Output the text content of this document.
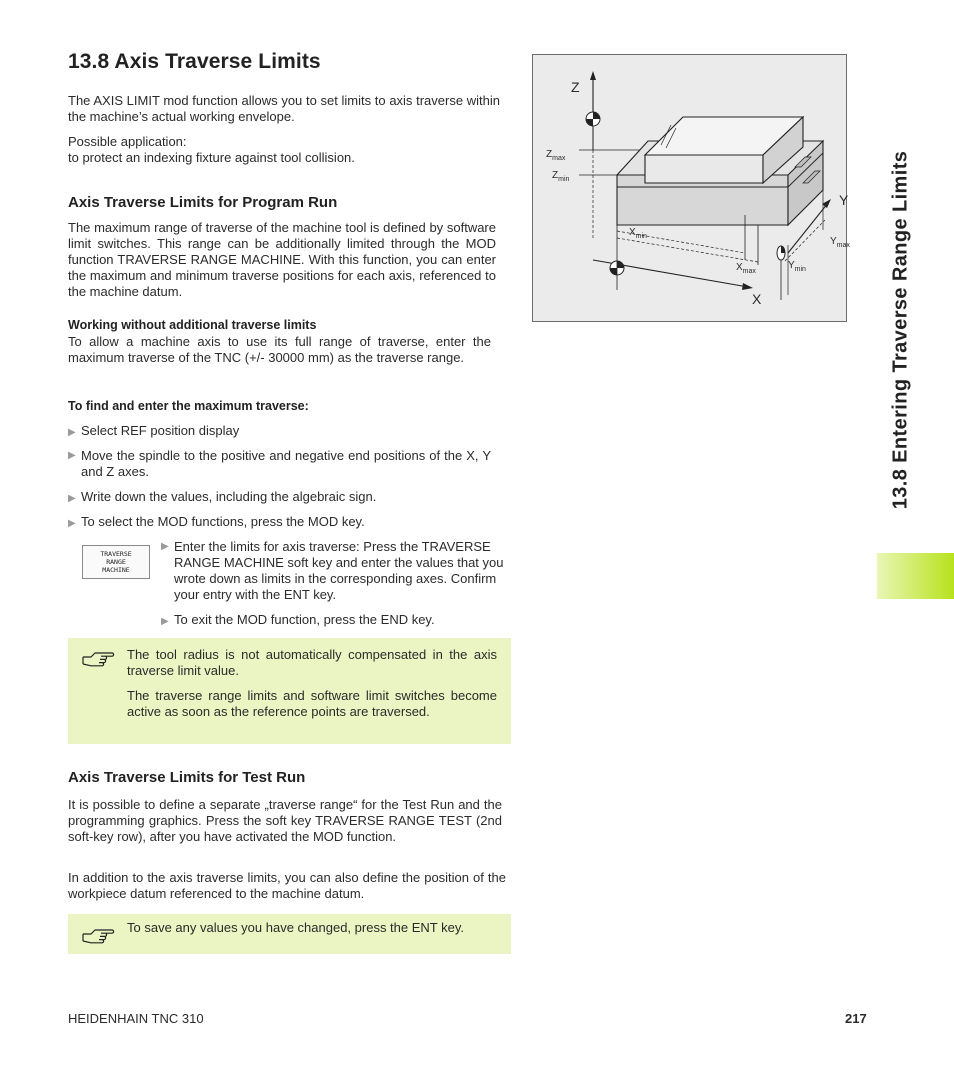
13.8 Axis Traverse Limits

The AXIS LIMIT mod function allows you to set limits to axis traverse within the machine’s actual working envelope.

Possible application:

to protect an indexing fixture against tool collision.

Axis Traverse Limits for Program Run

The maximum range of traverse of the machine tool is defined by software limit switches. This range can be additionally limited through the MOD function TRAVERSE RANGE MACHINE. With this function, you can enter the maximum and minimum traverse positions for each axis, referenced to the machine datum.

Working without additional traverse limits

To allow a machine axis to use its full range of traverse, enter the maximum traverse of the TNC (+/- 30000 mm) as the traverse range.

To find and enter the maximum traverse:

▶ Select REF position display
▶ Move the spindle to the positive and negative end positions of the X, Y and Z axes.
▶ Write down the values, including the algebraic sign.
▶ To select the MOD functions, press the MOD key.
TRAVERSE
RANGE
MACHINE
▶ Enter the limits for axis traverse: Press the TRAVERSE RANGE MACHINE soft key and enter the values that you wrote down as limits in the corresponding axes. Confirm your entry with the ENT key.
▶ To exit the MOD function, press the END key.

The tool radius is not automatically compensated in the axis traverse limit value.

The traverse range limits and software limit switches become active as soon as the reference points are traversed.

Axis Traverse Limits for Test Run

It is possible to define a separate „traverse range“ for the Test Run and the programming graphics. Press the soft key TRAVERSE RANGE TEST (2nd soft-key row), after you have activated the MOD function.

In addition to the axis traverse limits, you can also define the position of the workpiece datum referenced to the machine datum.

To save any values you have changed, press the ENT key.

Z
Y
X
$Z_{max}$
$Z_{min}$
$X_{min}$
$X_{max}$
$Y_{min}$
$Y_{max}$ 13.8 Entering Traverse Range Limits
HEIDENHAIN TNC 310	217
